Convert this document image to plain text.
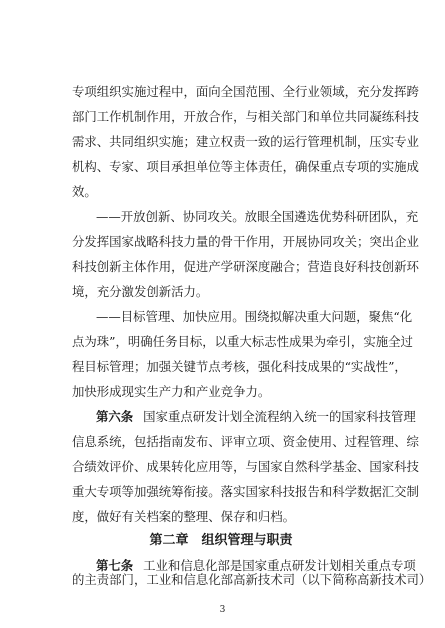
专项组织实施过程中，面向全国范围、全行业领域，充分发挥跨
部门工作机制作用，开放合作，与相关部门和单位共同凝练科技
需求、共同组织实施；建立权责一致的运行管理机制，压实专业
机构、专家、项目承担单位等主体责任，确保重点专项的实施成
效。
——开放创新、协同攻关。放眼全国遴选优势科研团队，充
分发挥国家战略科技力量的骨干作用，开展协同攻关；突出企业
科技创新主体作用，促进产学研深度融合；营造良好科技创新环
境，充分激发创新活力。
——目标管理、加快应用。围绕拟解决重大问题，聚焦“化
点为珠”，明确任务目标，以重大标志性成果为牵引，实施全过
程目标管理；加强关键节点考核，强化科技成果的“实战性”，
加快形成现实生产力和产业竞争力。
第六条 国家重点研发计划全流程纳入统一的国家科技管理
信息系统，包括指南发布、评审立项、资金使用、过程管理、综
合绩效评价、成果转化应用等，与国家自然科学基金、国家科技
重大专项等加强统筹衔接。落实国家科技报告和科学数据汇交制
度，做好有关档案的整理、保存和归档。
第二章　组织管理与职责
第七条 工业和信息化部是国家重点研发计划相关重点专项
的主责部门，工业和信息化部高新技术司（以下简称高新技术司）
3
